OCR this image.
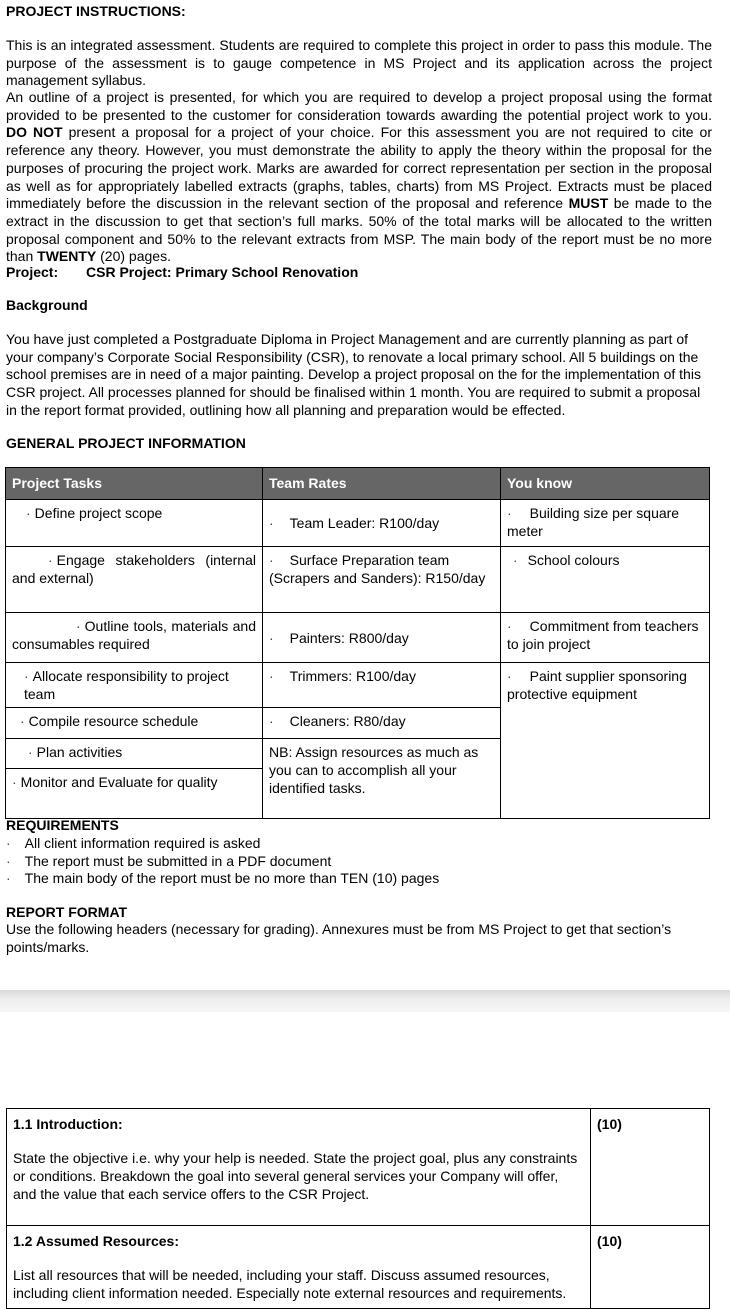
PROJECT INSTRUCTIONS:

This is an integrated assessment. Students are required to complete this project in order to pass this module. The purpose of the assessment is to gauge competence in MS Project and its application across the project management syllabus.

An outline of a project is presented, for which you are required to develop a project proposal using the format provided to be presented to the customer for consideration towards awarding the potential project work to you. DO NOT present a proposal for a project of your choice. For this assessment you are not required to cite or reference any theory. However, you must demonstrate the ability to apply the theory within the proposal for the purposes of procuring the project work. Marks are awarded for correct representation per section in the proposal as well as for appropriately labelled extracts (graphs, tables, charts) from MS Project. Extracts must be placed immediately before the discussion in the relevant section of the proposal and reference MUST be made to the extract in the discussion to get that section’s full marks. 50% of the total marks will be allocated to the written proposal component and 50% to the relevant extracts from MSP. The main body of the report must be no more than TWENTY (20) pages.

Project: CSR Project: Primary School Renovation
Background

You have just completed a Postgraduate Diploma in Project Management and are currently planning as part of your company’s Corporate Social Responsibility (CSR), to renovate a local primary school. All 5 buildings on the school premises are in need of a major painting. Develop a project proposal on the for the implementation of this CSR project. All processes planned for should be finalised within 1 month. You are required to submit a proposal in the report format provided, outlining how all planning and preparation would be effected.

GENERAL PROJECT INFORMATION
Project Tasks	Team Rates	You know
· Define project scope	· Team Leader: R100/day	· Building size per square meter
· Engage stakeholders (internal and external)	· Surface Preparation team (Scrapers and Sanders): R150/day	· School colours
· Outline tools, materials and consumables required	· Painters: R800/day	· Commitment from teachers to join project
· Allocate responsibility to project team	· Trimmers: R100/day	· Paint supplier sponsoring protective equipment
· Compile resource schedule	· Cleaners: R80/day	
· Plan activities	NB: Assign resources as much as you can to accomplish all your identified tasks.	
· Monitor and Evaluate for quality		
REQUIREMENTS
· All client information required is asked
· The report must be submitted in a PDF document
· The main body of the report must be no more than TEN (10) pages
REPORT FORMAT

Use the following headers (necessary for grading). Annexures must be from MS Project to get that section’s points/marks.

1.1 Introduction:
State the objective i.e. why your help is needed. State the project goal, plus any constraints or conditions. Breakdown the goal into several general services your Company will offer, and the value that each service offers to the CSR Project.	(10)

1.2 Assumed Resources:
List all resources that will be needed, including your staff. Discuss assumed resources, including client information needed. Especially note external resources and requirements.	(10)
